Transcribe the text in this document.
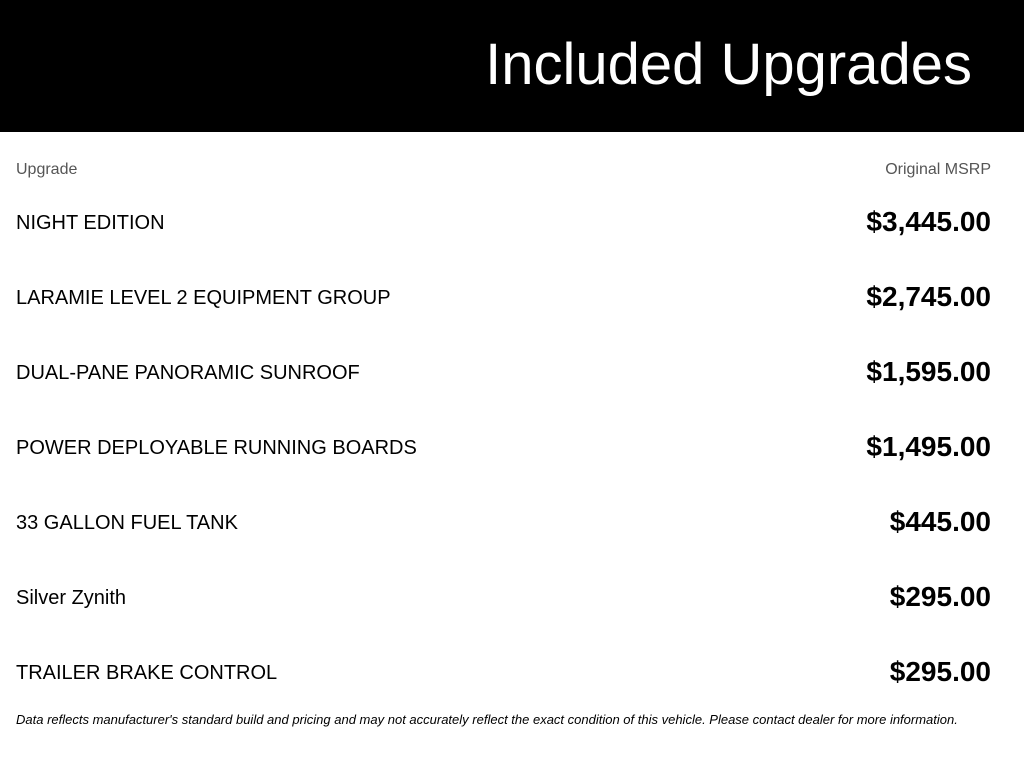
Included Upgrades
Upgrade	Original MSRP
NIGHT EDITION	$3,445.00
LARAMIE LEVEL 2 EQUIPMENT GROUP	$2,745.00
DUAL-PANE PANORAMIC SUNROOF	$1,595.00
POWER DEPLOYABLE RUNNING BOARDS	$1,495.00
33 GALLON FUEL TANK	$445.00
Silver Zynith	$295.00
TRAILER BRAKE CONTROL	$295.00
Data reflects manufacturer's standard build and pricing and may not accurately reflect the exact condition of this vehicle. Please contact dealer for more information.
